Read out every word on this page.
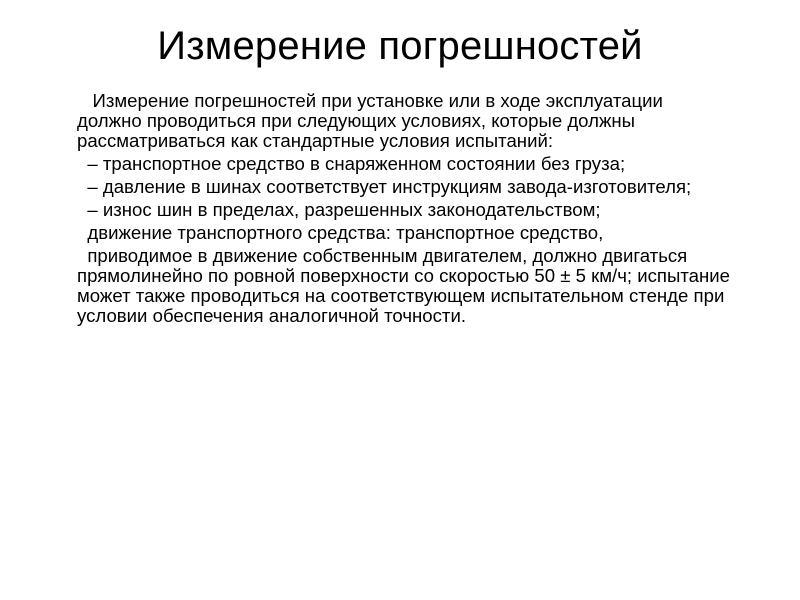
Измерение погрешностей

Измерение погрешностей при установке или в ходе эксплуатации должно проводиться при следующих условиях, которые должны рассматриваться как стандартные условия испытаний:

– транспортное средство в снаряженном состоянии без груза;

– давление в шинах соответствует инструкциям завода-изготовителя;

– износ шин в пределах, разрешенных законодательством;

движение транспортного средства: транспортное средство,

приводимое в движение собственным двигателем, должно двигаться прямолинейно по ровной поверхности со скоростью 50 ± 5 км/ч; испытание может также проводиться на соответствующем испытательном стенде при условии обеспечения аналогичной точности.
